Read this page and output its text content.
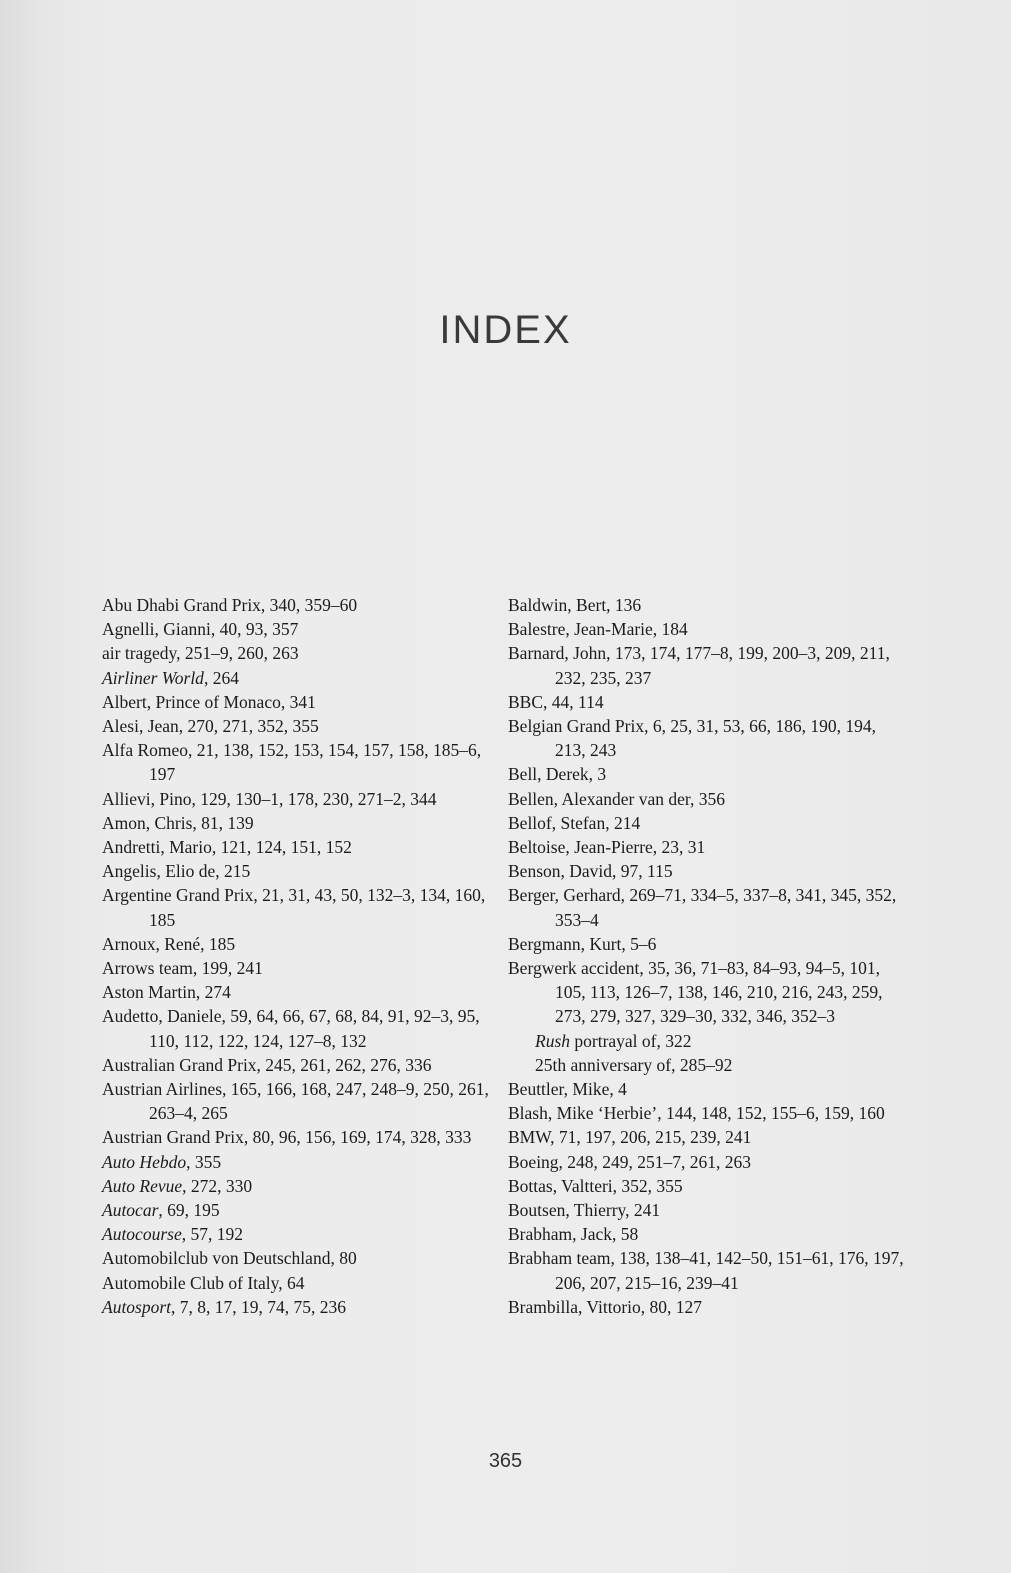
INDEX
Abu Dhabi Grand Prix, 340, 359–60
Agnelli, Gianni, 40, 93, 357
air tragedy, 251–9, 260, 263
Airliner World, 264
Albert, Prince of Monaco, 341
Alesi, Jean, 270, 271, 352, 355
Alfa Romeo, 21, 138, 152, 153, 154, 157, 158, 185–6, 197
Allievi, Pino, 129, 130–1, 178, 230, 271–2, 344
Amon, Chris, 81, 139
Andretti, Mario, 121, 124, 151, 152
Angelis, Elio de, 215
Argentine Grand Prix, 21, 31, 43, 50, 132–3, 134, 160, 185
Arnoux, René, 185
Arrows team, 199, 241
Aston Martin, 274
Audetto, Daniele, 59, 64, 66, 67, 68, 84, 91, 92–3, 95, 110, 112, 122, 124, 127–8, 132
Australian Grand Prix, 245, 261, 262, 276, 336
Austrian Airlines, 165, 166, 168, 247, 248–9, 250, 261, 263–4, 265
Austrian Grand Prix, 80, 96, 156, 169, 174, 328, 333
Auto Hebdo, 355
Auto Revue, 272, 330
Autocar, 69, 195
Autocourse, 57, 192
Automobilclub von Deutschland, 80
Automobile Club of Italy, 64
Autosport, 7, 8, 17, 19, 74, 75, 236
Baldwin, Bert, 136
Balestre, Jean-Marie, 184
Barnard, John, 173, 174, 177–8, 199, 200–3, 209, 211, 232, 235, 237
BBC, 44, 114
Belgian Grand Prix, 6, 25, 31, 53, 66, 186, 190, 194, 213, 243
Bell, Derek, 3
Bellen, Alexander van der, 356
Bellof, Stefan, 214
Beltoise, Jean-Pierre, 23, 31
Benson, David, 97, 115
Berger, Gerhard, 269–71, 334–5, 337–8, 341, 345, 352, 353–4
Bergmann, Kurt, 5–6
Bergwerk accident, 35, 36, 71–83, 84–93, 94–5, 101, 105, 113, 126–7, 138, 146, 210, 216, 243, 259, 273, 279, 327, 329–30, 332, 346, 352–3
Rush portrayal of, 322
25th anniversary of, 285–92
Beuttler, Mike, 4
Blash, Mike ‘Herbie’, 144, 148, 152, 155–6, 159, 160
BMW, 71, 197, 206, 215, 239, 241
Boeing, 248, 249, 251–7, 261, 263
Bottas, Valtteri, 352, 355
Boutsen, Thierry, 241
Brabham, Jack, 58
Brabham team, 138, 138–41, 142–50, 151–61, 176, 197, 206, 207, 215–16, 239–41
Brambilla, Vittorio, 80, 127
365
